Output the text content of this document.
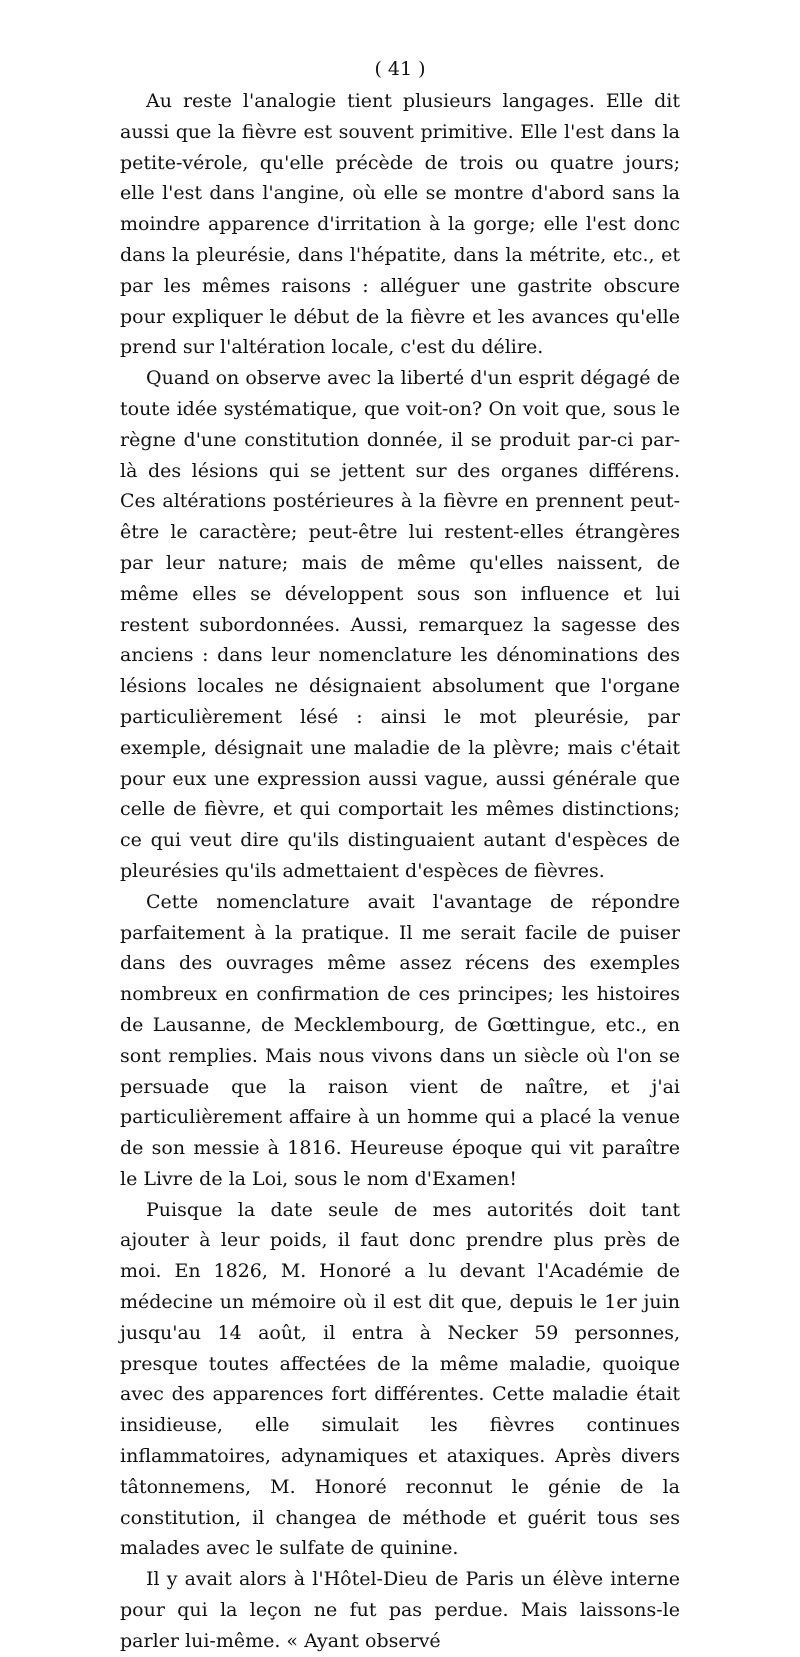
( 41 )

Au reste l'analogie tient plusieurs langages. Elle dit aussi que la fièvre est souvent primitive. Elle l'est dans la petite-vérole, qu'elle précède de trois ou quatre jours; elle l'est dans l'angine, où elle se montre d'abord sans la moindre apparence d'irritation à la gorge; elle l'est donc dans la pleurésie, dans l'hépatite, dans la métrite, etc., et par les mêmes raisons : alléguer une gastrite obscure pour expliquer le début de la fièvre et les avances qu'elle prend sur l'altération locale, c'est du délire.

Quand on observe avec la liberté d'un esprit dégagé de toute idée systématique, que voit-on? On voit que, sous le règne d'une constitution donnée, il se produit par-ci par-là des lésions qui se jettent sur des organes différens. Ces altérations postérieures à la fièvre en prennent peut-être le caractère; peut-être lui restent-elles étrangères par leur nature; mais de même qu'elles naissent, de même elles se développent sous son influence et lui restent subordonnées. Aussi, remarquez la sagesse des anciens : dans leur nomenclature les dénominations des lésions locales ne désignaient absolument que l'organe particulièrement lésé : ainsi le mot pleurésie, par exemple, désignait une maladie de la plèvre; mais c'était pour eux une expression aussi vague, aussi générale que celle de fièvre, et qui comportait les mêmes distinctions; ce qui veut dire qu'ils distinguaient autant d'espèces de pleurésies qu'ils admettaient d'espèces de fièvres.

Cette nomenclature avait l'avantage de répondre parfaitement à la pratique. Il me serait facile de puiser dans des ouvrages même assez récens des exemples nombreux en confirmation de ces principes; les histoires de Lausanne, de Mecklembourg, de Gœttingue, etc., en sont remplies. Mais nous vivons dans un siècle où l'on se persuade que la raison vient de naître, et j'ai particulièrement affaire à un homme qui a placé la venue de son messie à 1816. Heureuse époque qui vit paraître le Livre de la Loi, sous le nom d'Examen!

Puisque la date seule de mes autorités doit tant ajouter à leur poids, il faut donc prendre plus près de moi. En 1826, M. Honoré a lu devant l'Académie de médecine un mémoire où il est dit que, depuis le 1er juin jusqu'au 14 août, il entra à Necker 59 personnes, presque toutes affectées de la même maladie, quoique avec des apparences fort différentes. Cette maladie était insidieuse, elle simulait les fièvres continues inflammatoires, adynamiques et ataxiques. Après divers tâtonnemens, M. Honoré reconnut le génie de la constitution, il changea de méthode et guérit tous ses malades avec le sulfate de quinine.

Il y avait alors à l'Hôtel-Dieu de Paris un élève interne pour qui la leçon ne fut pas perdue. Mais laissons-le parler lui-même. « Ayant observé
